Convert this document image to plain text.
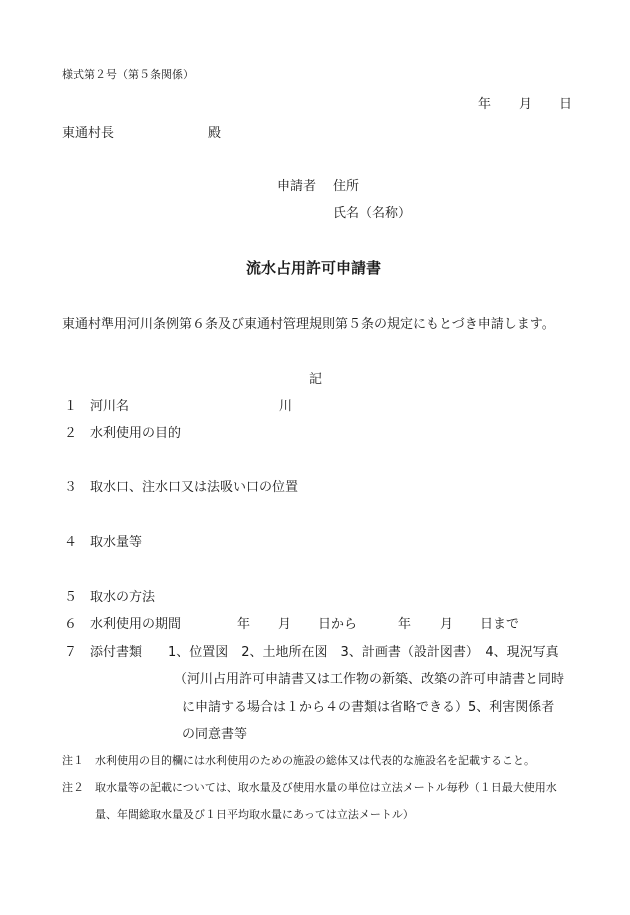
様式第２号（第５条関係）
年 月 日
東通村長	殿
申請者 住所
氏名（名称）
流水占用許可申請書
東通村準用河川条例第６条及び東通村管理規則第５条の規定にもとづき申請します。
記
１ 河川名	川
２ 水利使用の目的
３ 取水口、注水口又は法吸い口の位置
４ 取水量等
５ 取水の方法
６ 水利使用の期間	年 月 日から	年 月 日まで
７ 添付書類 1、位置図　2、土地所在図　3、計画書（設計図書）　4、現況写真
（河川占用許可申請書又は工作物の新築、改築の許可申請書と同時
に申請する場合は１から４の書類は省略できる）5、利害関係者
の同意書等
注１ 水利使用の目的欄には水利使用のための施設の総体又は代表的な施設名を記載すること。
注２ 取水量等の記載については、取水量及び使用水量の単位は立法メートル毎秒（１日最大使用水
量、年間総取水量及び１日平均取水量にあっては立法メートル）
